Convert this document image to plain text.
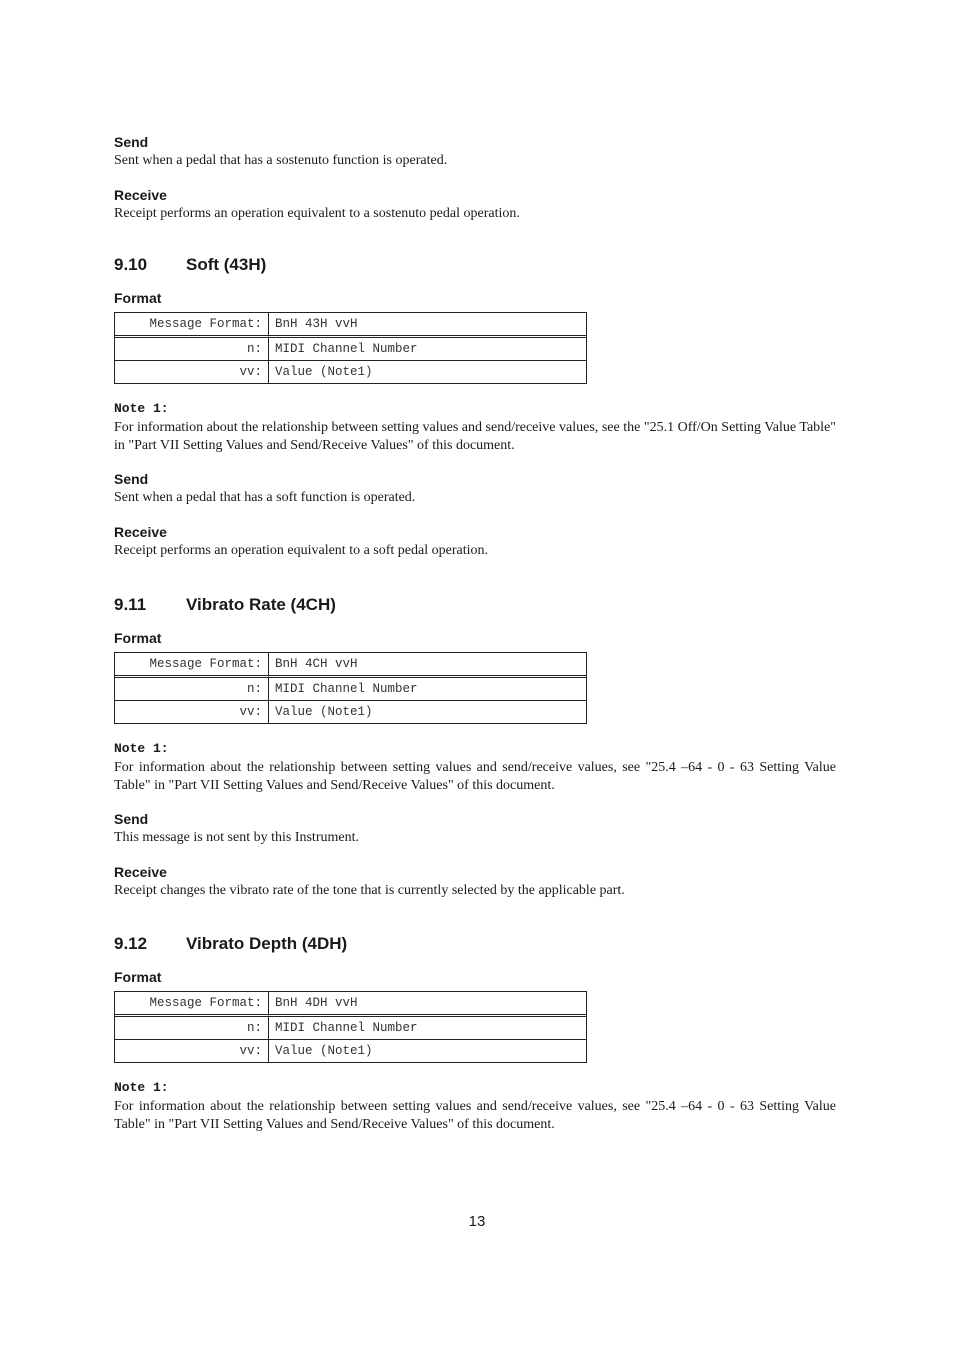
Send

Sent when a pedal that has a sostenuto function is operated.

Receive

Receipt performs an operation equivalent to a sostenuto pedal operation.

9.10	Soft (43H)

Format

Message Format:	BnH 43H vvH
n:	MIDI Channel Number
vv:	Value (Note1)

Note 1:

For information about the relationship between setting values and send/receive values, see the "25.1 Off/On Setting Value Table" in "Part VII Setting Values and Send/Receive Values" of this document.

Send

Sent when a pedal that has a soft function is operated.

Receive

Receipt performs an operation equivalent to a soft pedal operation.

9.11	Vibrato Rate (4CH)

Format

Message Format:	BnH 4CH vvH
n:	MIDI Channel Number
vv:	Value (Note1)

Note 1:

For information about the relationship between setting values and send/receive values, see "25.4 –64 - 0 - 63 Setting Value Table" in "Part VII Setting Values and Send/Receive Values" of this document.

Send

This message is not sent by this Instrument.

Receive

Receipt changes the vibrato rate of the tone that is currently selected by the applicable part.

9.12	Vibrato Depth (4DH)

Format

Message Format:	BnH 4DH vvH
n:	MIDI Channel Number
vv:	Value (Note1)

Note 1:

For information about the relationship between setting values and send/receive values, see "25.4 –64 - 0 - 63 Setting Value Table" in "Part VII Setting Values and Send/Receive Values" of this document.

13
